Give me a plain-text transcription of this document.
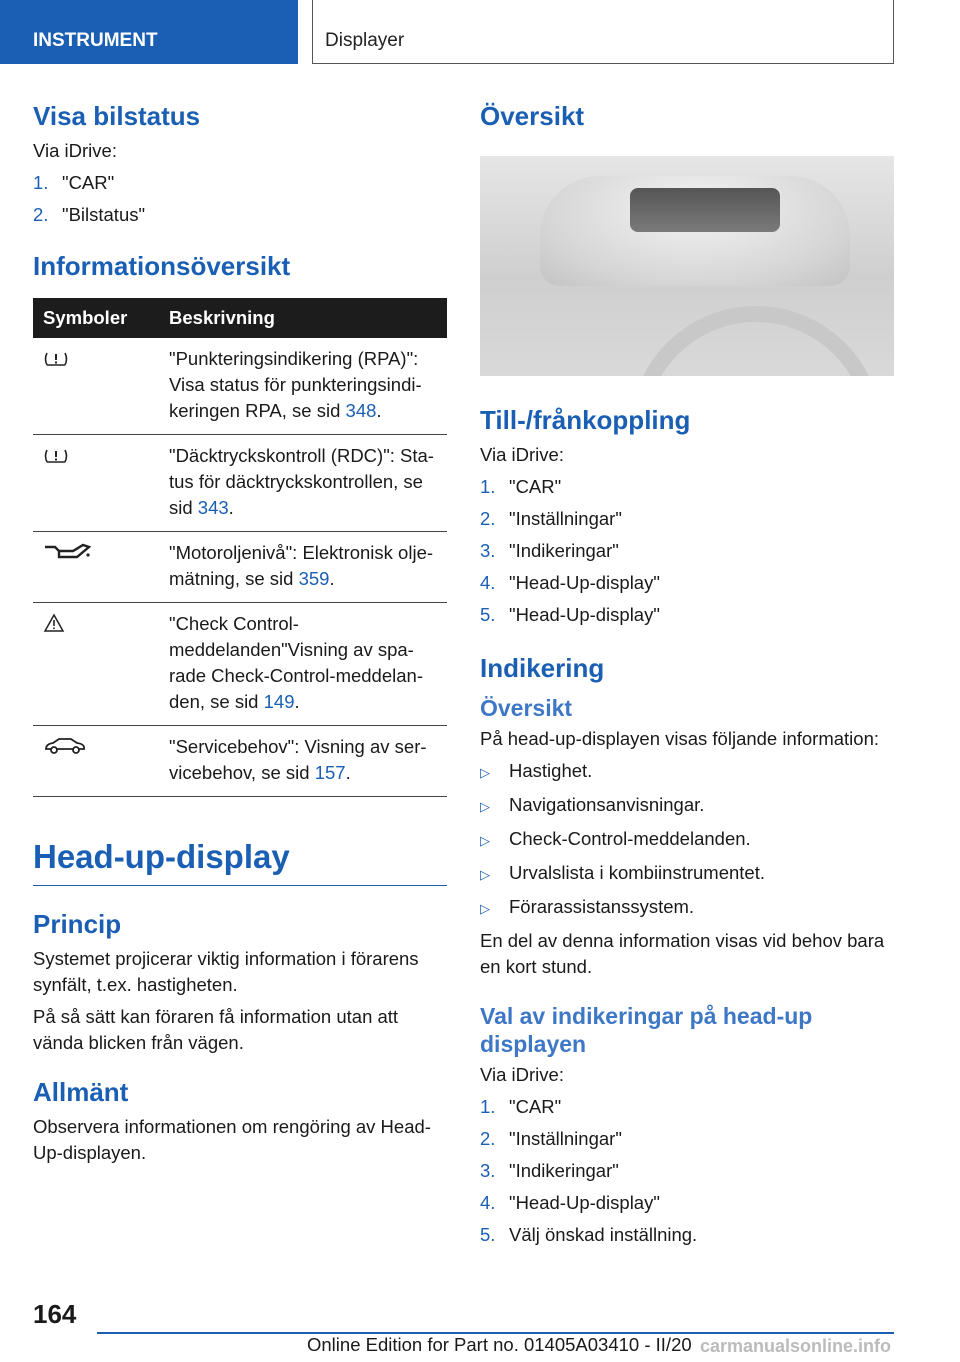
INSTRUMENT	Displayer
Visa bilstatus

Via iDrive:

1. "CAR"
2. "Bilstatus"
Informationsöversikt
Symboler	Beskrivning
	"Punkteringsindikering (RPA)": Visa status för punkteringsindi- keringen RPA, se sid 348.
	"Däcktryckskontroll (RDC)": Sta- tus för däcktryckskontrollen, se sid 343.
	"Motoroljenivå": Elektronisk olje- mätning, se sid 359.
	"Check Control- meddelanden"Visning av spa- rade Check-Control-meddelan- den, se sid 149.
	"Servicebehov": Visning av ser- vicebehov, se sid 157.
Head-up-display
Princip

Systemet projicerar viktig information i förarens synfält, t.ex. hastigheten.

På så sätt kan föraren få information utan att vända blicken från vägen.

Allmänt

Observera informationen om rengöring av Head-Up-displayen.

Översikt
Till-/frånkoppling

Via iDrive:

1. "CAR"
2. "Inställningar"
3. "Indikeringar"
4. "Head-Up-display"
5. "Head-Up-display"
Indikering
Översikt

På head-up-displayen visas följande information:

▷	Hastighet.
▷	Navigationsanvisningar.
▷	Check-Control-meddelanden.
▷	Urvalslista i kombiinstrumentet.
▷	Förarassistanssystem.

En del av denna information visas vid behov bara en kort stund.

Val av indikeringar på head-up displayen

Via iDrive:

1. "CAR"
2. "Inställningar"
3. "Indikeringar"
4. "Head-Up-display"
5. Välj önskad inställning.
164
Online Edition for Part no. 01405A03410 - II/20 carmanualsonline.info
